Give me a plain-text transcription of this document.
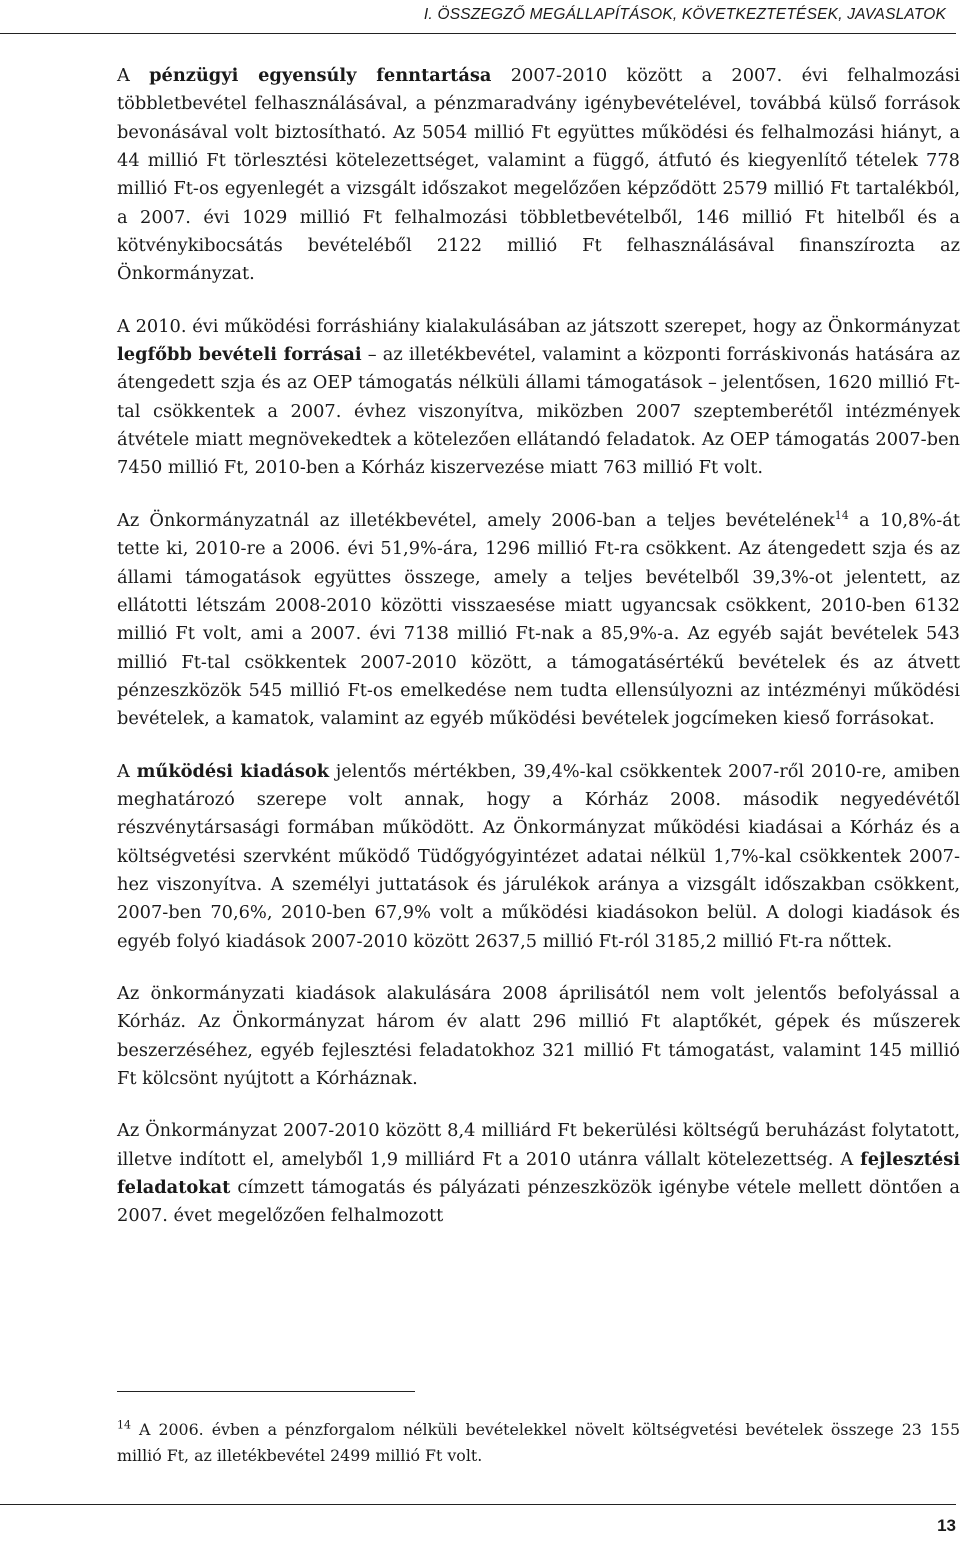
I. ÖSSZEGZŐ MEGÁLLAPÍTÁSOK, KÖVETKEZTETÉSEK, JAVASLATOK

A pénzügyi egyensúly fenntartása 2007-2010 között a 2007. évi felhalmozási többletbevétel felhasználásával, a pénzmaradvány igénybevételével, továbbá külső források bevonásával volt biztosítható. Az 5054 millió Ft együttes működési és felhalmozási hiányt, a 44 millió Ft törlesztési kötelezettséget, valamint a függő, átfutó és kiegyenlítő tételek 778 millió Ft-os egyenlegét a vizsgált időszakot megelőzően képződött 2579 millió Ft tartalékból, a 2007. évi 1029 millió Ft felhalmozási többletbevételből, 146 millió Ft hitelből és a kötvénykibocsátás bevételéből 2122 millió Ft felhasználásával finanszírozta az Önkormányzat.

A 2010. évi működési forráshiány kialakulásában az játszott szerepet, hogy az Önkormányzat legfőbb bevételi forrásai – az illetékbevétel, valamint a központi forráskivonás hatására az átengedett szja és az OEP támogatás nélküli állami támogatások – jelentősen, 1620 millió Ft-tal csökkentek a 2007. évhez viszonyítva, miközben 2007 szeptemberétől intézmények átvétele miatt megnövekedtek a kötelezően ellátandó feladatok. Az OEP támogatás 2007-ben 7450 millió Ft, 2010-ben a Kórház kiszervezése miatt 763 millió Ft volt.

Az Önkormányzatnál az illetékbevétel, amely 2006-ban a teljes bevételének$^{14}$ a 10,8%-át tette ki, 2010-re a 2006. évi 51,9%-ára, 1296 millió Ft-ra csökkent. Az átengedett szja és az állami támogatások együttes összege, amely a teljes bevételből 39,3%-ot jelentett, az ellátotti létszám 2008-2010 közötti visszaesése miatt ugyancsak csökkent, 2010-ben 6132 millió Ft volt, ami a 2007. évi 7138 millió Ft-nak a 85,9%-a. Az egyéb saját bevételek 543 millió Ft-tal csökkentek 2007-2010 között, a támogatásértékű bevételek és az átvett pénzeszközök 545 millió Ft-os emelkedése nem tudta ellensúlyozni az intézményi működési bevételek, a kamatok, valamint az egyéb működési bevételek jogcímeken kieső forrásokat.

A működési kiadások jelentős mértékben, 39,4%-kal csökkentek 2007-ről 2010-re, amiben meghatározó szerepe volt annak, hogy a Kórház 2008. második negyedévétől részvénytársasági formában működött. Az Önkormányzat működési kiadásai a Kórház és a költségvetési szervként működő Tüdőgyógyintézet adatai nélkül 1,7%-kal csökkentek 2007-hez viszonyítva. A személyi juttatások és járulékok aránya a vizsgált időszakban csökkent, 2007-ben 70,6%, 2010-ben 67,9% volt a működési kiadásokon belül. A dologi kiadások és egyéb folyó kiadások 2007-2010 között 2637,5 millió Ft-ról 3185,2 millió Ft-ra nőttek.

Az önkormányzati kiadások alakulására 2008 áprilisától nem volt jelentős befolyással a Kórház. Az Önkormányzat három év alatt 296 millió Ft alaptőkét, gépek és műszerek beszerzéséhez, egyéb fejlesztési feladatokhoz 321 millió Ft támogatást, valamint 145 millió Ft kölcsönt nyújtott a Kórháznak.

Az Önkormányzat 2007-2010 között 8,4 milliárd Ft bekerülési költségű beruházást folytatott, illetve indított el, amelyből 1,9 milliárd Ft a 2010 utánra vállalt kötelezettség. A fejlesztési feladatokat címzett támogatás és pályázati pénzeszközök igénybe vétele mellett döntően a 2007. évet megelőzően felhalmozott

$^{14}$ A 2006. évben a pénzforgalom nélküli bevételekkel növelt költségvetési bevételek összege 23 155 millió Ft, az illetékbevétel 2499 millió Ft volt.
13
